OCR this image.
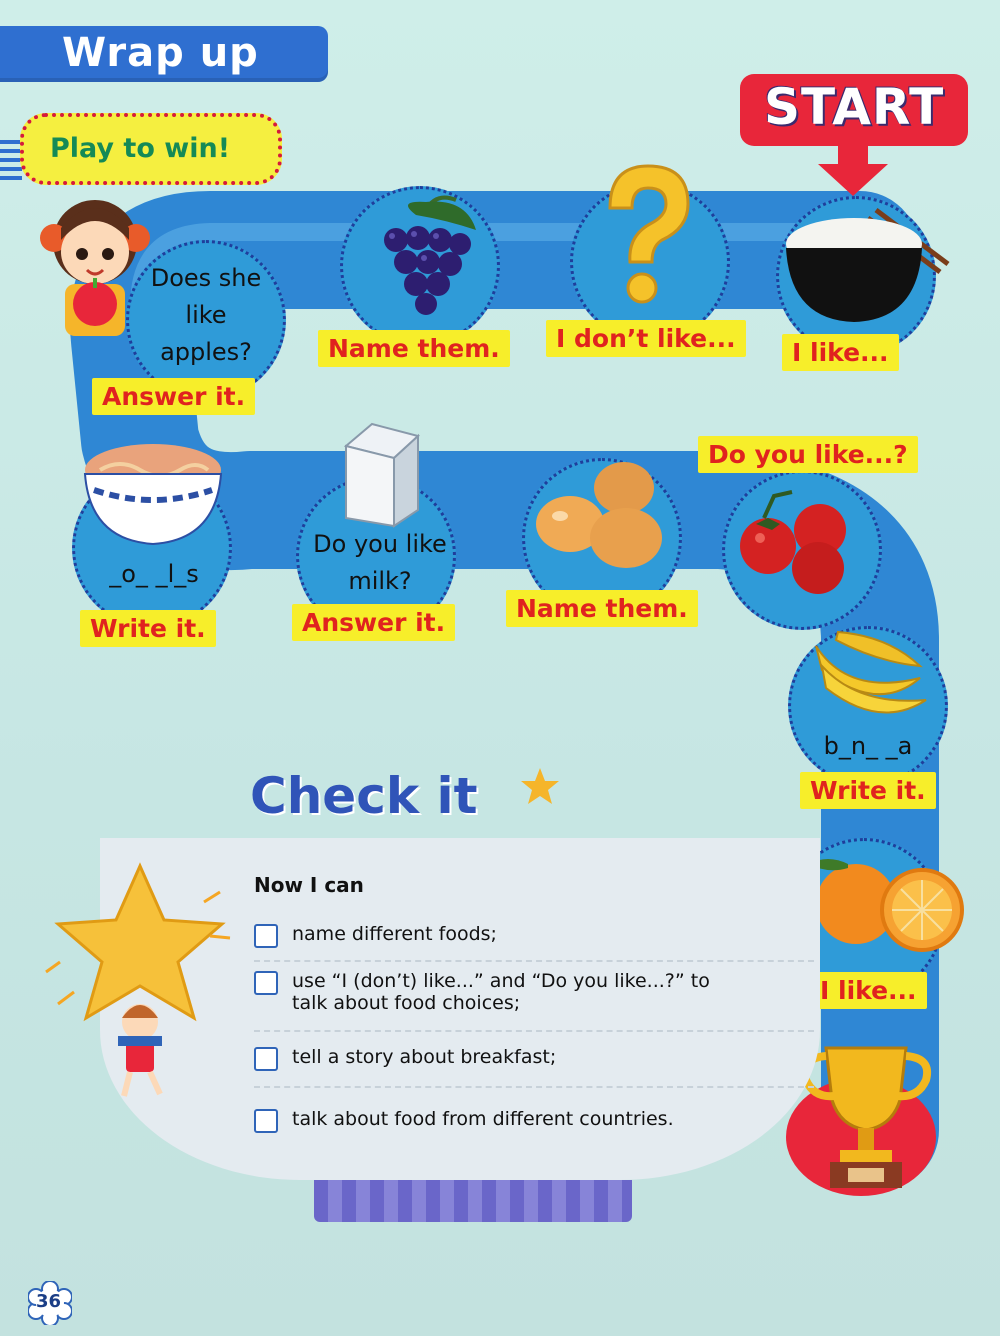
Wrap up
Play to win!
START
Does she like apples?
Answer it.
Name them.	I don’t like...	I like...
_o_ _l_s
Write it.
Do you like milk?
Answer it.	Name them.
Do you like...?
b_n_ _a
Write it.
I like...
Check it
Now I can
name different foods;
use “I (don’t) like...” and “Do you like...?” to
talk about food choices;
tell a story about breakfast;
talk about food from different countries.
36
